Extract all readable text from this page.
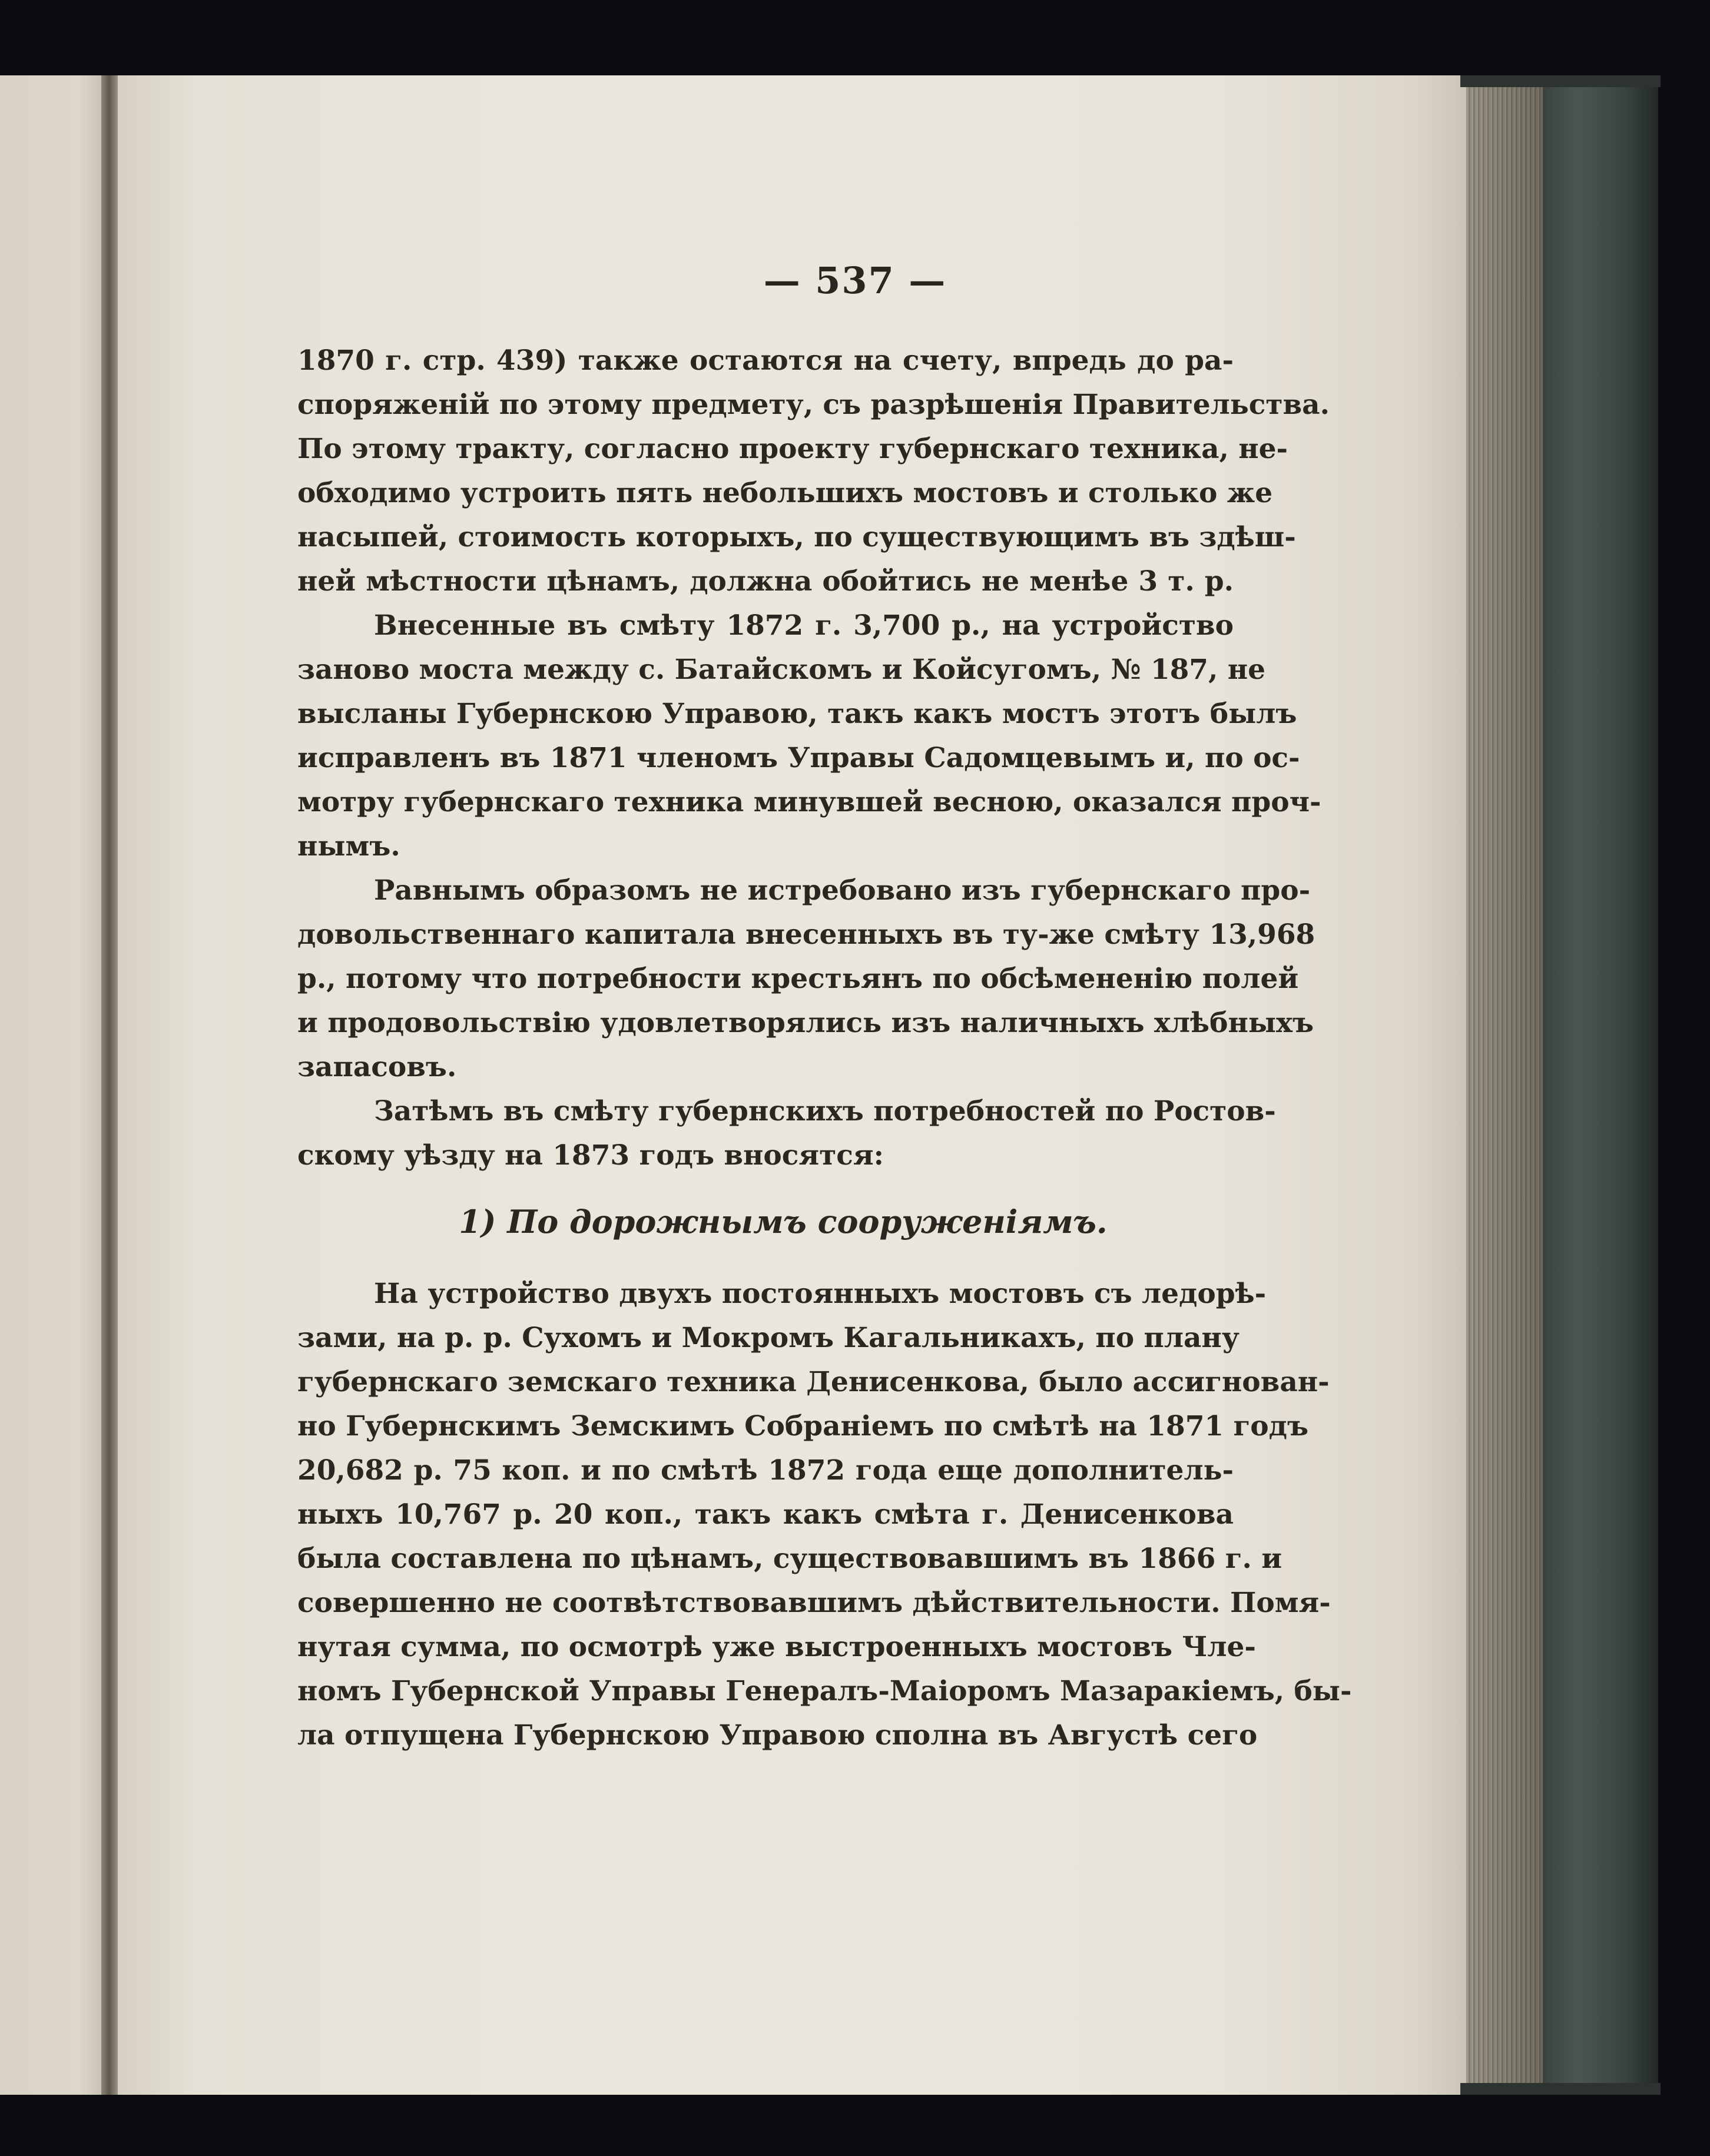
— 537 —
1870 г. стр. 439) также остаются на счету, впредь до ра-
споряженій по этому предмету, съ разрѣшенія Правительства.
По этому тракту, согласно проекту губернскаго техника, не-
обходимо устроить пять небольшихъ мостовъ и столько же
насыпей, стоимость которыхъ, по существующимъ въ здѣш-
ней мѣстности цѣнамъ, должна обойтись не менѣе 3 т. р.
Внесенные въ смѣту 1872 г. 3,700 р., на устройство
заново моста между с. Батайскомъ и Койсугомъ, № 187, не
высланы Губернскою Управою, такъ какъ мостъ этотъ былъ
исправленъ въ 1871 членомъ Управы Садомцевымъ и, по ос-
мотру губернскаго техника минувшей весною, оказался проч-
нымъ.
Равнымъ образомъ не истребовано изъ губернскаго про-
довольственнаго капитала внесенныхъ въ ту-же смѣту 13,968
р., потому что потребности крестьянъ по обсѣмененію полей
и продовольствію удовлетворялись изъ наличныхъ хлѣбныхъ
запасовъ.
Затѣмъ въ смѣту губернскихъ потребностей по Ростов-
скому уѣзду на 1873 годъ вносятся:
1) По дорожнымъ сооруженіямъ.
На устройство двухъ постоянныхъ мостовъ съ ледорѣ-
зами, на р. р. Сухомъ и Мокромъ Кагальникахъ, по плану
губернскаго земскаго техника Денисенкова, было ассигнован-
но Губернскимъ Земскимъ Собраніемъ по смѣтѣ на 1871 годъ
20,682 р. 75 коп. и по смѣтѣ 1872 года еще дополнитель-
ныхъ 10,767 р. 20 коп., такъ какъ смѣта г. Денисенкова
была составлена по цѣнамъ, существовавшимъ въ 1866 г. и
совершенно не соотвѣтствовавшимъ дѣйствительности. Помя-
нутая сумма, по осмотрѣ уже выстроенныхъ мостовъ Чле-
номъ Губернской Управы Генералъ-Маіоромъ Мазаракіемъ, бы-
ла отпущена Губернскою Управою сполна въ Августѣ сего
